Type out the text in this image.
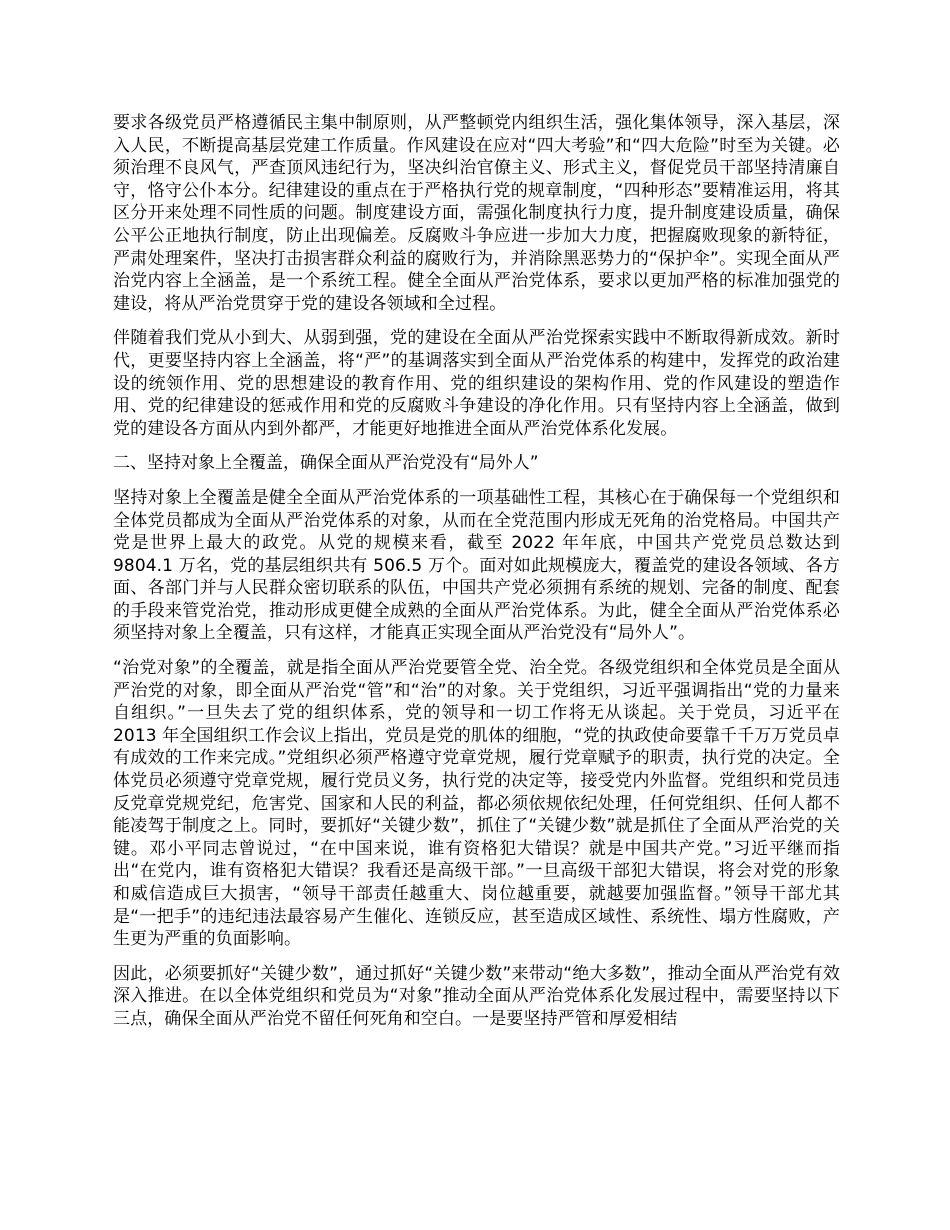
要求各级党员严格遵循民主集中制原则，从严整顿党内组织生活，强化集体领导，深入基层，深入人民，不断提高基层党建工作质量。作风建设在应对“四大考验”和“四大危险”时至为关键。必须治理不良风气，严查顶风违纪行为，坚决纠治官僚主义、形式主义，督促党员干部坚持清廉自守，恪守公仆本分。纪律建设的重点在于严格执行党的规章制度，“四种形态”要精准运用，将其区分开来处理不同性质的问题。制度建设方面，需强化制度执行力度，提升制度建设质量，确保公平公正地执行制度，防止出现偏差。反腐败斗争应进一步加大力度，把握腐败现象的新特征，严肃处理案件，坚决打击损害群众利益的腐败行为，并消除黑恶势力的“保护伞”。实现全面从严治党内容上全涵盖，是一个系统工程。健全全面从严治党体系，要求以更加严格的标准加强党的建设，将从严治党贯穿于党的建设各领域和全过程。

伴随着我们党从小到大、从弱到强，党的建设在全面从严治党探索实践中不断取得新成效。新时代，更要坚持内容上全涵盖，将“严”的基调落实到全面从严治党体系的构建中，发挥党的政治建设的统领作用、党的思想建设的教育作用、党的组织建设的架构作用、党的作风建设的塑造作用、党的纪律建设的惩戒作用和党的反腐败斗争建设的净化作用。只有坚持内容上全涵盖，做到党的建设各方面从内到外都严，才能更好地推进全面从严治党体系化发展。

二、坚持对象上全覆盖，确保全面从严治党没有“局外人”

坚持对象上全覆盖是健全全面从严治党体系的一项基础性工程，其核心在于确保每一个党组织和全体党员都成为全面从严治党体系的对象，从而在全党范围内形成无死角的治党格局。中国共产党是世界上最大的政党。从党的规模来看，截至 2022 年年底，中国共产党党员总数达到 9804.1 万名，党的基层组织共有 506.5 万个。面对如此规模庞大，覆盖党的建设各领域、各方面、各部门并与人民群众密切联系的队伍，中国共产党必须拥有系统的规划、完备的制度、配套的手段来管党治党，推动形成更健全成熟的全面从严治党体系。为此，健全全面从严治党体系必须坚持对象上全覆盖，只有这样，才能真正实现全面从严治党没有“局外人”。

“治党对象”的全覆盖，就是指全面从严治党要管全党、治全党。各级党组织和全体党员是全面从严治党的对象，即全面从严治党“管”和“治”的对象。关于党组织，习近平强调指出“党的力量来自组织。”一旦失去了党的组织体系，党的领导和一切工作将无从谈起。关于党员，习近平在 2013 年全国组织工作会议上指出，党员是党的肌体的细胞，“党的执政使命要靠千千万万党员卓有成效的工作来完成。”党组织必须严格遵守党章党规，履行党章赋予的职责，执行党的决定。全体党员必须遵守党章党规，履行党员义务，执行党的决定等，接受党内外监督。党组织和党员违反党章党规党纪，危害党、国家和人民的利益，都必须依规依纪处理，任何党组织、任何人都不能凌驾于制度之上。同时，要抓好“关键少数”，抓住了“关键少数”就是抓住了全面从严治党的关键。邓小平同志曾说过，“在中国来说，谁有资格犯大错误？就是中国共产党。”习近平继而指出“在党内，谁有资格犯大错误？我看还是高级干部。”一旦高级干部犯大错误，将会对党的形象和威信造成巨大损害，“领导干部责任越重大、岗位越重要，就越要加强监督。”领导干部尤其是“一把手”的违纪违法最容易产生催化、连锁反应，甚至造成区域性、系统性、塌方性腐败，产生更为严重的负面影响。

因此，必须要抓好“关键少数”，通过抓好“关键少数”来带动“绝大多数”，推动全面从严治党有效深入推进。在以全体党组织和党员为“对象”推动全面从严治党体系化发展过程中，需要坚持以下三点，确保全面从严治党不留任何死角和空白。一是要坚持严管和厚爱相结
